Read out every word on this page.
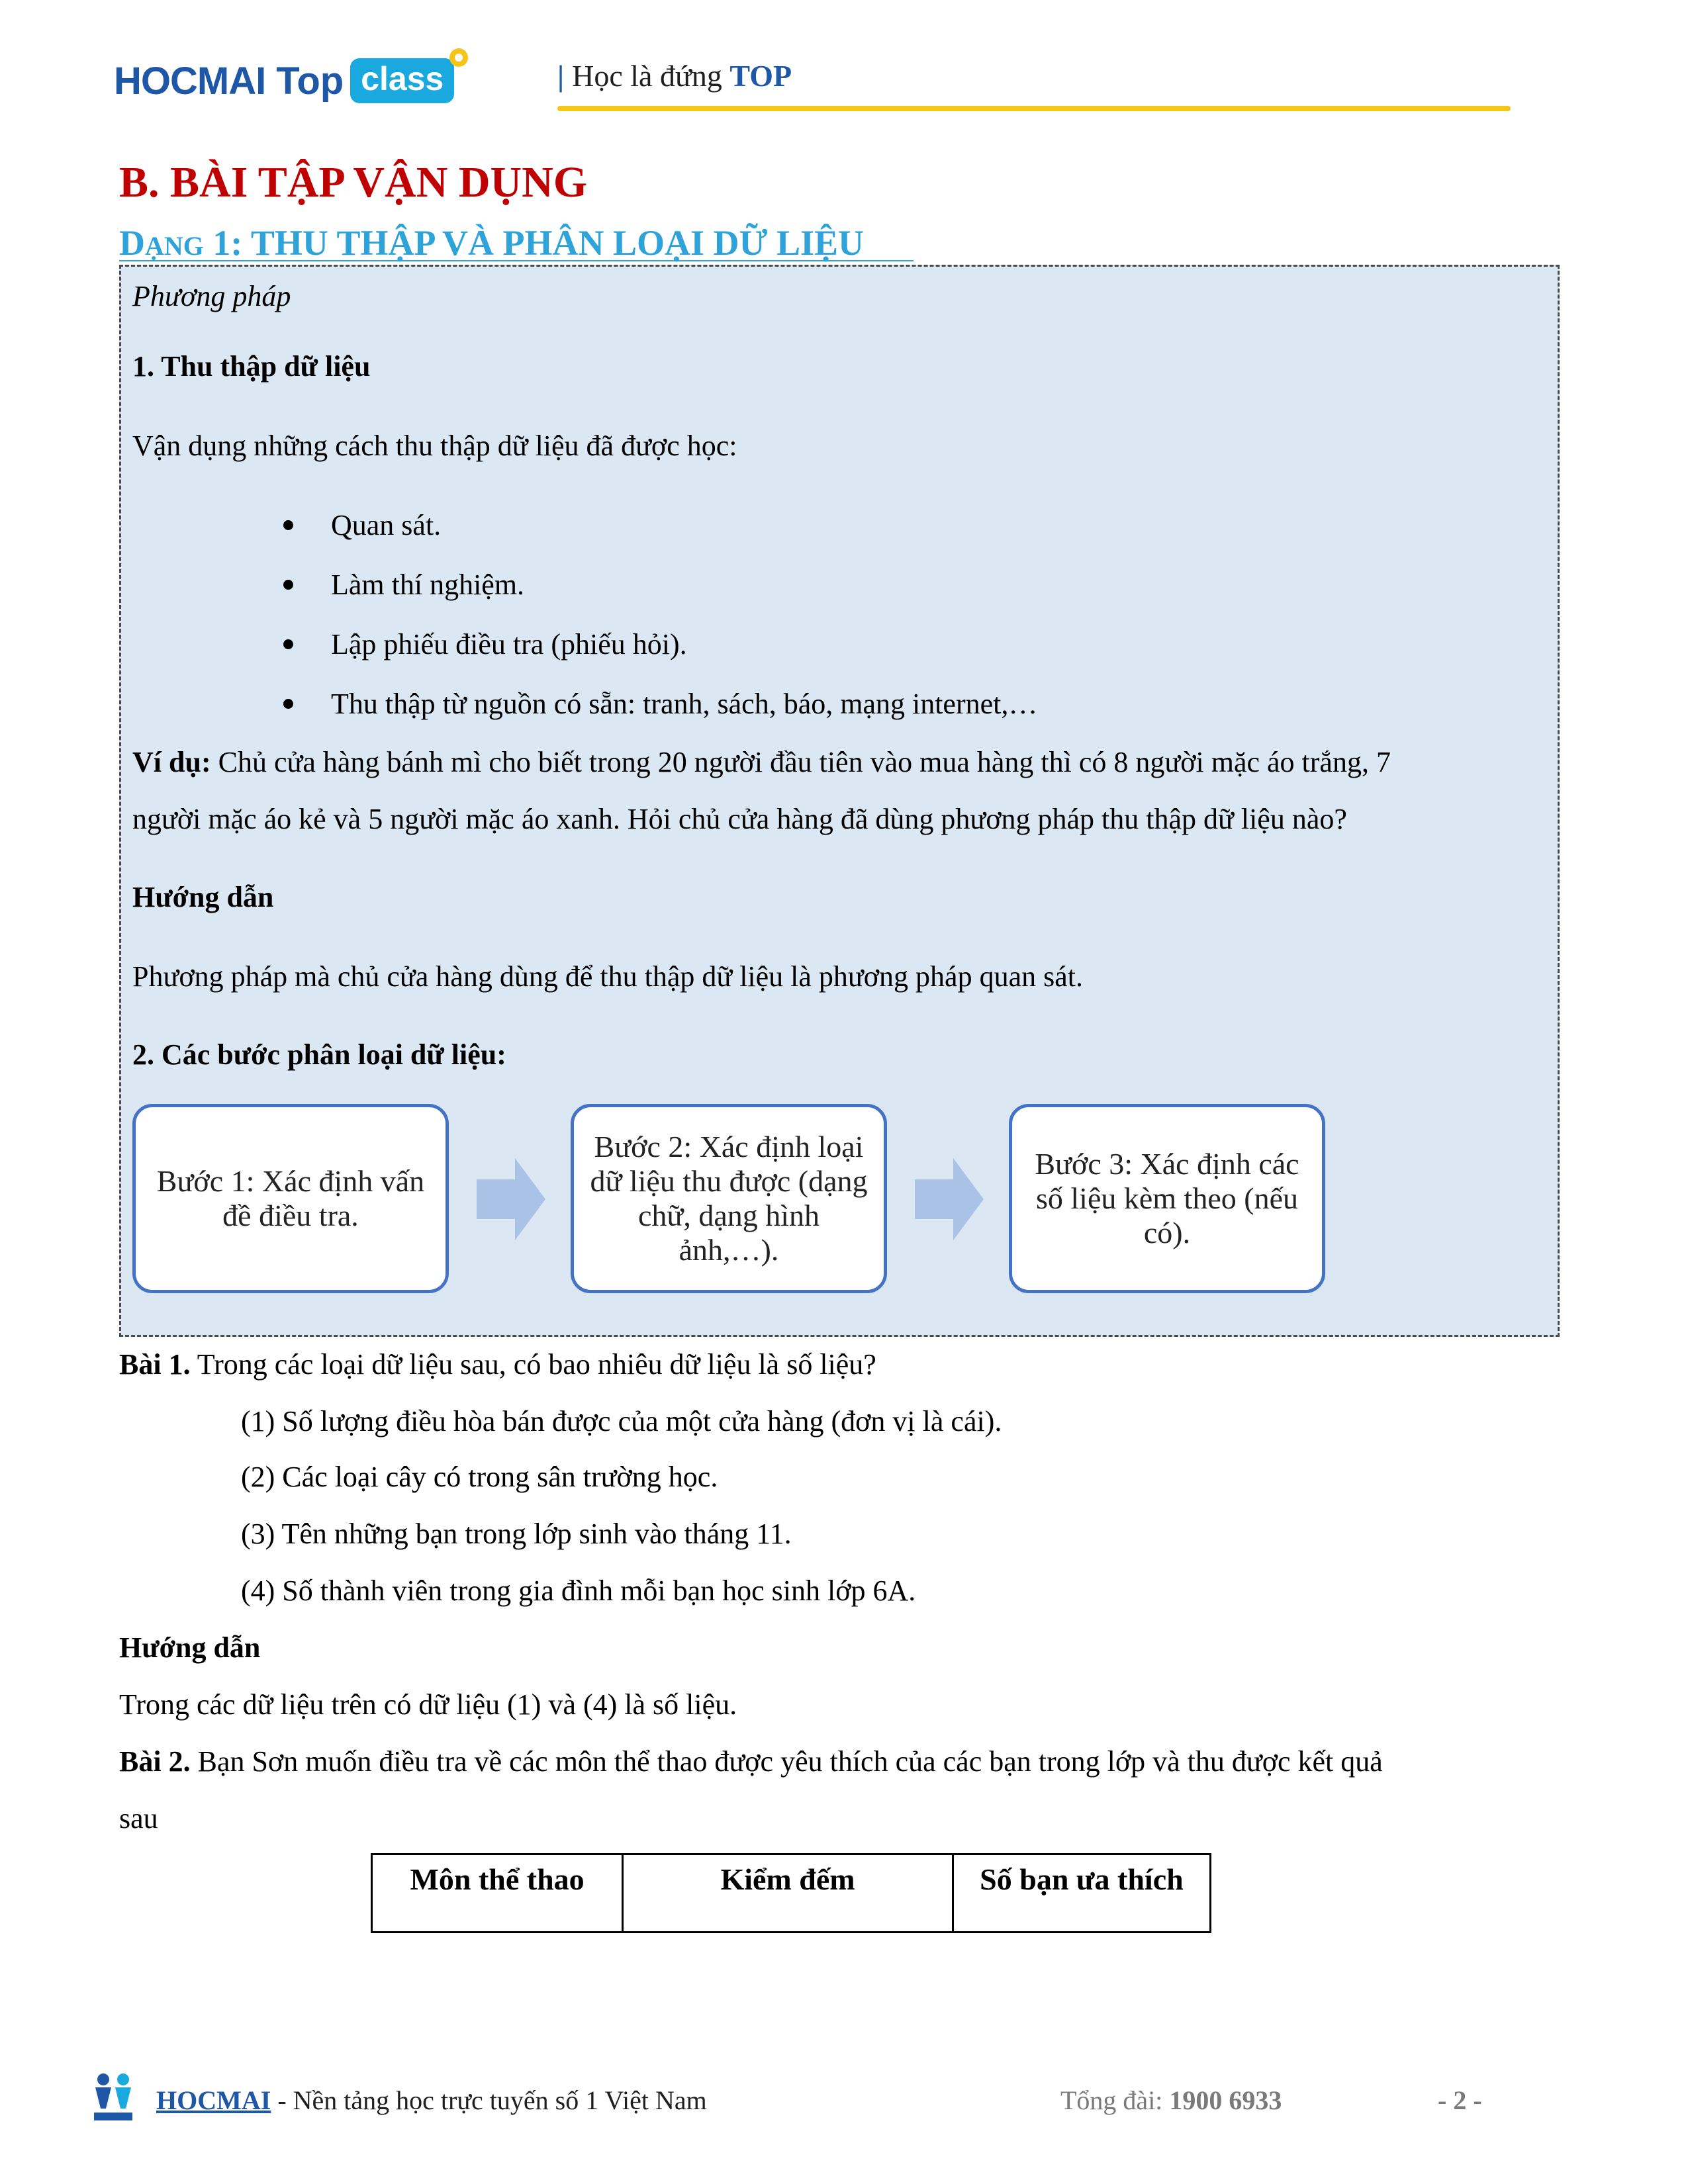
HOCMAI Top class	| Học là đứng TOP
B. BÀI TẬP VẬN DỤNG
DẠNG 1: THU THẬP VÀ PHÂN LOẠI DỮ LIỆU
Phương pháp
1. Thu thập dữ liệu
Vận dụng những cách thu thập dữ liệu đã được học:
Quan sát.
Làm thí nghiệm.
Lập phiếu điều tra (phiếu hỏi).
Thu thập từ nguồn có sẵn: tranh, sách, báo, mạng internet,…
Ví dụ: Chủ cửa hàng bánh mì cho biết trong 20 người đầu tiên vào mua hàng thì có 8 người mặc áo trắng, 7
người mặc áo kẻ và 5 người mặc áo xanh. Hỏi chủ cửa hàng đã dùng phương pháp thu thập dữ liệu nào?
Hướng dẫn
Phương pháp mà chủ cửa hàng dùng để thu thập dữ liệu là phương pháp quan sát.
2. Các bước phân loại dữ liệu:
Bước 1: Xác định vấn đề điều tra.
Bước 2: Xác định loại dữ liệu thu được (dạng chữ, dạng hình ảnh,…).
Bước 3: Xác định các số liệu kèm theo (nếu có).
Bài 1. Trong các loại dữ liệu sau, có bao nhiêu dữ liệu là số liệu?
(1) Số lượng điều hòa bán được của một cửa hàng (đơn vị là cái).
(2) Các loại cây có trong sân trường học.
(3) Tên những bạn trong lớp sinh vào tháng 11.
(4) Số thành viên trong gia đình mỗi bạn học sinh lớp 6A.
Hướng dẫn
Trong các dữ liệu trên có dữ liệu (1) và (4) là số liệu.
Bài 2. Bạn Sơn muốn điều tra về các môn thể thao được yêu thích của các bạn trong lớp và thu được kết quả
sau
Môn thể thao	Kiểm đếm	Số bạn ưa thích
HOCMAI - Nền tảng học trực tuyến số 1 Việt Nam	Tổng đài: 1900 6933	- 2 -
